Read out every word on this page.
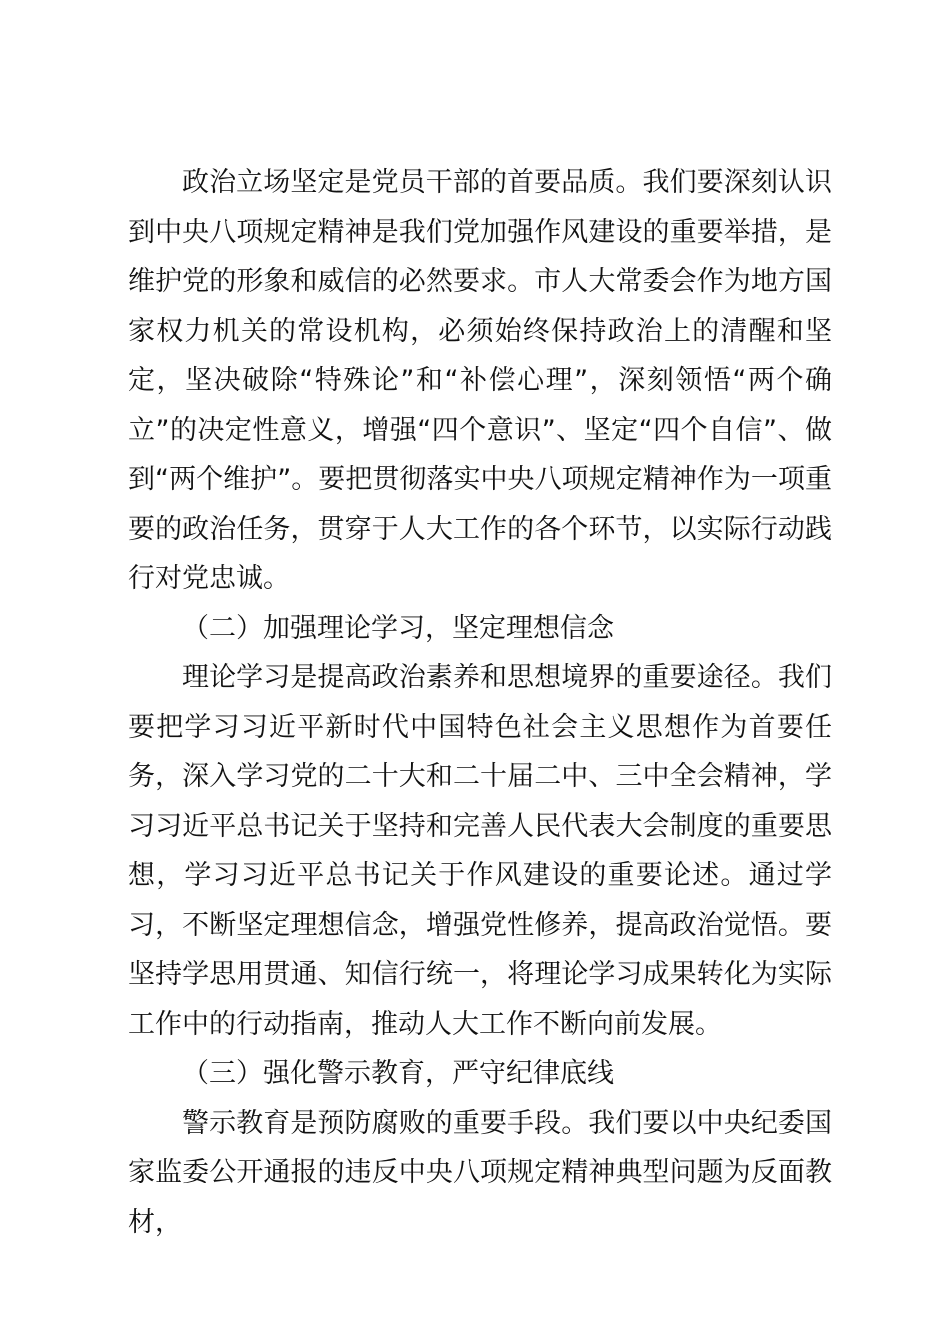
政治立场坚定是党员干部的首要品质。我们要深刻认识到中央八项规定精神是我们党加强作风建设的重要举措，是维护党的形象和威信的必然要求。市人大常委会作为地方国家权力机关的常设机构，必须始终保持政治上的清醒和坚定，坚决破除“特殊论”和“补偿心理”，深刻领悟“两个确立”的决定性意义，增强“四个意识”、坚定“四个自信”、做到“两个维护”。要把贯彻落实中央八项规定精神作为一项重要的政治任务，贯穿于人大工作的各个环节，以实际行动践行对党忠诚。

（二）加强理论学习，坚定理想信念

理论学习是提高政治素养和思想境界的重要途径。我们要把学习习近平新时代中国特色社会主义思想作为首要任务，深入学习党的二十大和二十届二中、三中全会精神，学习习近平总书记关于坚持和完善人民代表大会制度的重要思想，学习习近平总书记关于作风建设的重要论述。通过学习，不断坚定理想信念，增强党性修养，提高政治觉悟。要坚持学思用贯通、知信行统一，将理论学习成果转化为实际工作中的行动指南，推动人大工作不断向前发展。

（三）强化警示教育，严守纪律底线

警示教育是预防腐败的重要手段。我们要以中央纪委国家监委公开通报的违反中央八项规定精神典型问题为反面教材，
